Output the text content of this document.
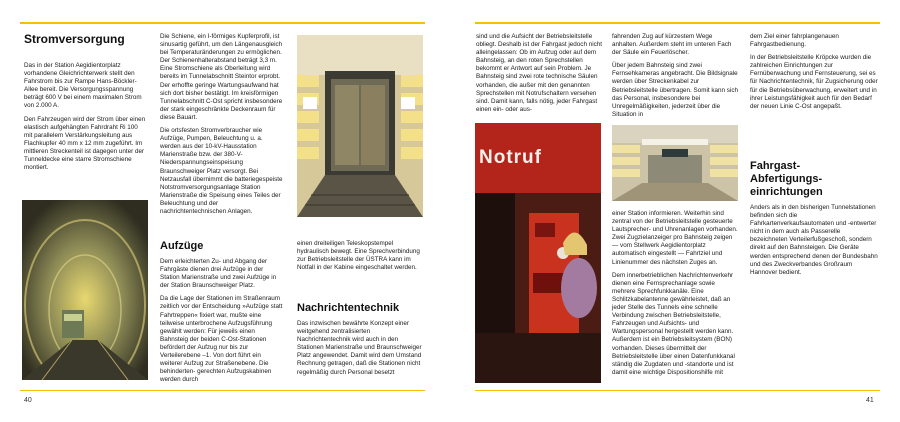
Stromversorgung

Das in der Station Aegidientorplatz vorhandene Gleichrichterwerk stellt den Fahrstrom bis zur Rampe Hans-Böckler-Allee bereit. Die Versorgungsspannung beträgt 600 V bei einem maximalen Strom von 2.000 A.

Den Fahrzeugen wird der Strom über einen elastisch aufgehängten Fahrdraht Ri 100 mit parallelem Verstärkungsleitung aus Flachkupfer 40 mm x 12 mm zugeführt. Im mittleren Streckenteil ist dagegen unter der Tunneldecke eine starre Stromschiene montiert.

Die Schiene, ein I-förmiges Kupferprofil, ist sinusartig geführt, um den Längenausgleich bei Temperaturänderungen zu ermöglichen. Der Schienenhalterabstand beträgt 3,3 m. Eine Stromschiene als Oberleitung wird bereits im Tunnelabschnitt Steintor erprobt. Der erhoffte geringe Wartungsaufwand hat sich dort bisher bestätigt. Im kreisförmigen Tunnelabschnitt C-Ost spricht insbesondere der stark eingeschränkte Deckenraum für diese Bauart.

Die ortsfesten Stromverbraucher wie Aufzüge, Pumpen, Beleuchtung u. a. werden aus der 10-kV-Hausstation Marienstraße bzw. der 380-V-Niederspannungseinspeisung Braunschweiger Platz versorgt. Bei Netzausfall übernimmt die batteriegespeiste Notstromversorgungsanlage Station Marienstraße die Speisung eines Teiles der Beleuchtung und der nachrichtentechnischen Anlagen.

Aufzüge

Dem erleichterten Zu- und Abgang der Fahrgäste dienen drei Aufzüge in der Station Marienstraße und zwei Aufzüge in der Station Braunschweiger Platz.

Da die Lage der Stationen im Straßenraum zeitlich vor der Entscheidung »Aufzüge statt Fahrtreppen« fixiert war, mußte eine teilweise unterbrochene Aufzugsführung gewählt werden: Für jeweils einen Bahnsteig der beiden C-Ost-Stationen befördert der Aufzug nur bis zur Verteilerebene –1. Von dort führt ein weiterer Aufzug zur Straßenebene. Die behinderten- gerechten Aufzugskabinen werden durch

einen dreiteiligen Teleskopstempel hydraulisch bewegt. Eine Sprechverbindung zur Betriebsleitstelle der ÜSTRA kann im Notfall in der Kabine eingeschaltet werden.

Nachrichtentechnik

Das inzwischen bewährte Konzept einer weitgehend zentralisierten Nachrichtentechnik wird auch in den Stationen Marienstraße und Braunschweiger Platz angewendet. Damit wird dem Umstand Rechnung getragen, daß die Stationen nicht regelmäßig durch Personal besetzt

40

sind und die Aufsicht der Betriebsleitstelle obliegt. Deshalb ist der Fahrgast jedoch nicht alleingelassen: Ob im Aufzug oder auf dem Bahnsteig, an den roten Sprechstellen bekommt er Antwort auf sein Problem. Je Bahnsteig sind zwei rote technische Säulen vorhanden, die außer mit den genannten Sprechstellen mit Notrufschaltern versehen sind. Damit kann, falls nötig, jeder Fahrgast einen ein- oder aus-

Notruf

fahrenden Zug auf kürzestem Wege anhalten. Außerdem steht im unteren Fach der Säule ein Feuerlöscher.

Über jedem Bahnsteig sind zwei Fernsehkameras angebracht. Die Bildsignale werden über Streckenkabel zur Betriebsleitstelle übertragen. Somit kann sich das Personal, insbesondere bei Unregelmäßigkeiten, jederzeit über die Situation in

einer Station informieren. Weiterhin sind zentral von der Betriebsleitstelle gesteuerte Lautsprecher- und Uhrenanlagen vorhanden. Zwei Zugzielanzeiger pro Bahnsteig zeigen — vom Stellwerk Aegidientorplatz automatisch eingestellt — Fahrtziel und Linienummer des nächsten Zuges an.

Dem innerbetrieblichen Nachrichtenverkehr dienen eine Fernsprechanlage sowie mehrere Sprechfunkkanäle. Eine Schlitzkabelantenne gewährleistet, daß an jeder Stelle des Tunnels eine schnelle Verbindung zwischen Betriebsleitstelle, Fahrzeugen und Aufsichts- und Wartungspersonal hergestellt werden kann. Außerdem ist ein Betriebsleitsystem (BON) vorhanden. Dieses übermittelt der Betriebsleitstelle über einen Datenfunkkanal ständig die Zugdaten und -standorte und ist damit eine wichtige Dispositionshilfe mit

dem Ziel einer fahrplangenauen Fahrgastbedienung.

In der Betriebsleitstelle Kröpcke wurden die zahlreichen Einrichtungen zur Fernüberwachung und Fernsteuerung, sei es für Nachrichtentechnik, für Zugsicherung oder für die Betriebsüberwachung, erweitert und in ihrer Leistungsfähigkeit auch für den Bedarf der neuen Linie C-Ost angepaßt.

Fahrgast-
Abfertigungs-
einrichtungen

Anders als in den bisherigen Tunnelstationen befinden sich die Fahrkartenverkaufsautomaten und -entwerter nicht in dem auch als Passerelle bezeichneten Verteilerfußgeschoß, sondern direkt auf den Bahnsteigen. Die Geräte werden entsprechend denen der Bundesbahn und des Zweckverbandes Großraum Hannover bedient.

41
